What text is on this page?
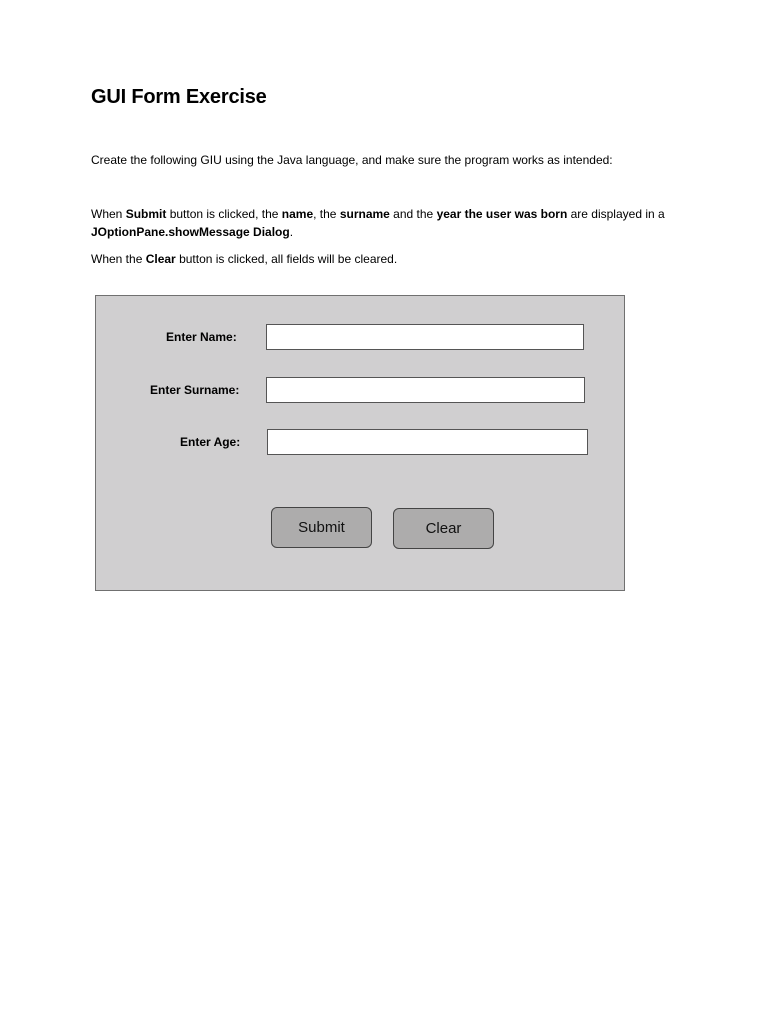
GUI Form Exercise
Create the following GIU using the Java language, and make sure the program works as intended:
When Submit button is clicked, the name, the surname and the year the user was born are displayed in a JOptionPane.showMessage Dialog.
When the Clear button is clicked, all fields will be cleared.
Enter Name:
Enter Surname:
Enter Age:
Submit	Clear
